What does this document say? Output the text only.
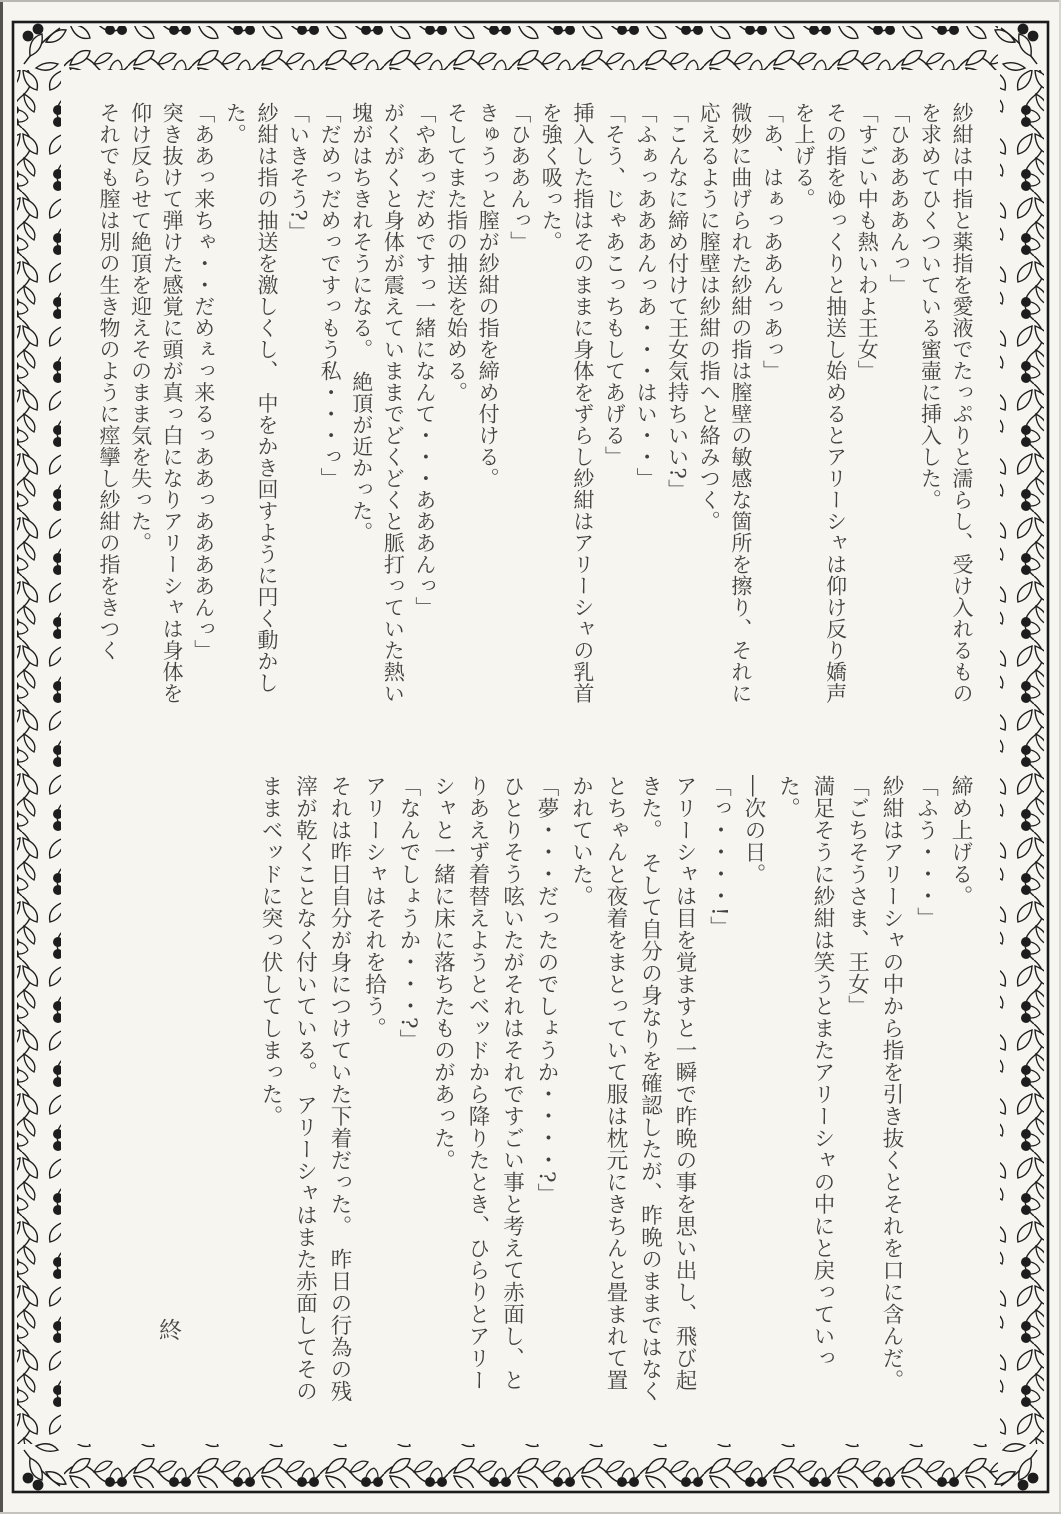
紗紺は中指と薬指を愛液でたっぷりと濡らし、受け入れるもの
を求めてひくついている蜜壷に挿入した。
「ひああああんっ」
「すごい中も熱いわよ王女」
その指をゆっくりと抽送し始めるとアリーシャは仰け反り嬌声
を上げる。
「あ、はぁっああんっあっ」
微妙に曲げられた紗紺の指は膣壁の敏感な箇所を擦り、それに
応えるように膣壁は紗紺の指へと絡みつく。
「こんなに締め付けて王女気持ちいい?」
「ふぁっあああんっあ・・・はい・・」
「そう、じゃあこっちもしてあげる」
挿入した指はそのままに身体をずらし紗紺はアリーシャの乳首
を強く吸った。
「ひああんっ」
きゅうっと膣が紗紺の指を締め付ける。
そしてまた指の抽送を始める。
「やあっだめですっ一緒になんて・・・あああんっ」
がくがくと身体が震えていままでどくどくと脈打っていた熱い
塊がはちきれそうになる。　絶頂が近かった。
「だめっだめっですっもう私・・・っ」
「いきそう?」
紗紺は指の抽送を激しくし、　中をかき回すように円く動かし
た。
「ああっ来ちゃ・・だめぇっ来るっああっああああんっ」
突き抜けて弾けた感覚に頭が真っ白になりアリーシャは身体を
仰け反らせて絶頂を迎えそのまま気を失った。
それでも膣は別の生き物のように痙攣し紗紺の指をきつく
締め上げる。
「ふう・・・」
紗紺はアリーシャの中から指を引き抜くとそれを口に含んだ。
「ごちそうさま、王女」
満足そうに紗紺は笑うとまたアリーシャの中にと戻っていっ
た。
―次の日。
「っ・・・・!」
アリーシャは目を覚ますと一瞬で昨晩の事を思い出し、飛び起
きた。　そして自分の身なりを確認したが、昨晩のままではなく
とちゃんと夜着をまとっていて服は枕元にきちんと畳まれて置
かれていた。
「夢・・・だったのでしょうか・・・・?」
ひとりそう呟いたがそれはそれですごい事と考えて赤面し、と
りあえず着替えようとベッドから降りたとき、ひらりとアリー
シャと一緒に床に落ちたものがあった。
「なんでしょうか・・・?」
アリーシャはそれを拾う。
それは昨日自分が身につけていた下着だった。　昨日の行為の残
滓が乾くことなく付いている。　アリーシャはまた赤面してその
ままベッドに突っ伏してしまった。
終
